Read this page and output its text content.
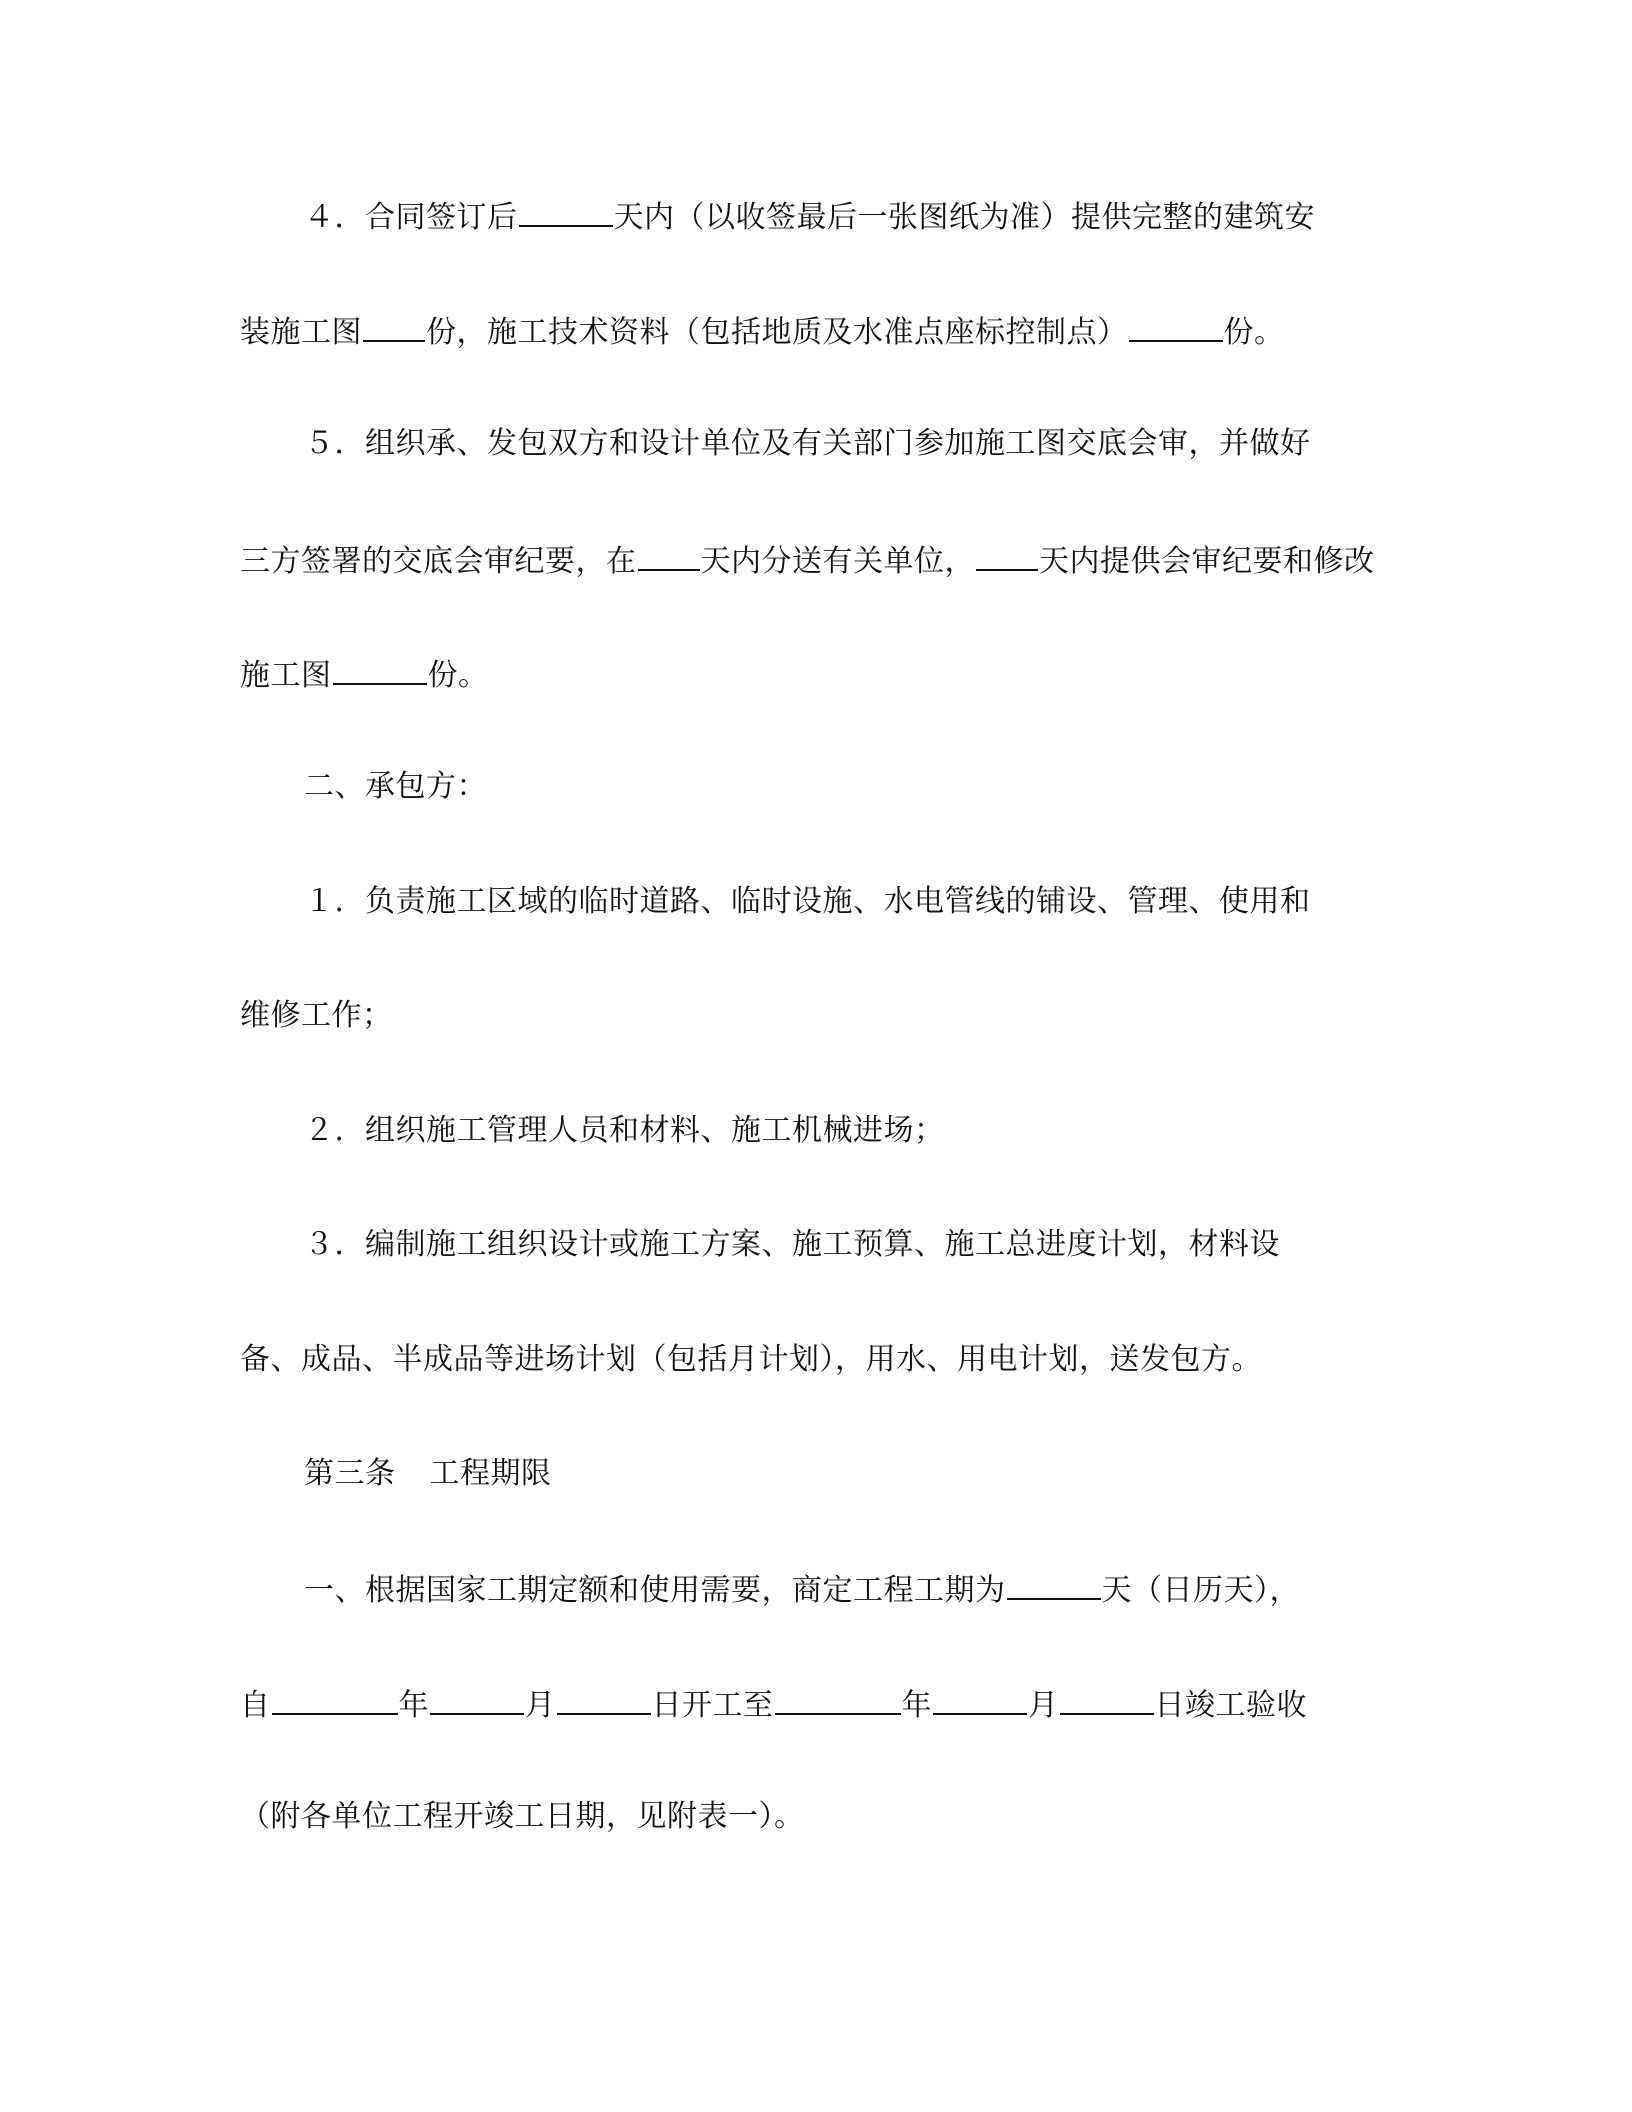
４．合同签订后	天内（以收签最后一张图纸为准）提供完整的建筑安
装施工图 份，施工技术资料（包括地质及水准点座标控制点）	份。
５．组织承、发包双方和设计单位及有关部门参加施工图交底会审，并做好
三方签署的交底会审纪要，在 天内分送有关单位， 天内提供会审纪要和修改
施工图	份。
二、承包方：
１．负责施工区域的临时道路、临时设施、水电管线的铺设、管理、使用和
维修工作；
２．组织施工管理人员和材料、施工机械进场；
３．编制施工组织设计或施工方案、施工预算、施工总进度计划，材料设
备、成品、半成品等进场计划（包括月计划），用水、用电计划，送发包方。
第三条 工程期限
一、根据国家工期定额和使用需要，商定工程工期为	天（日历天），
自	年	月	日开工至	年	月	日竣工验收
（附各单位工程开竣工日期，见附表一）。
